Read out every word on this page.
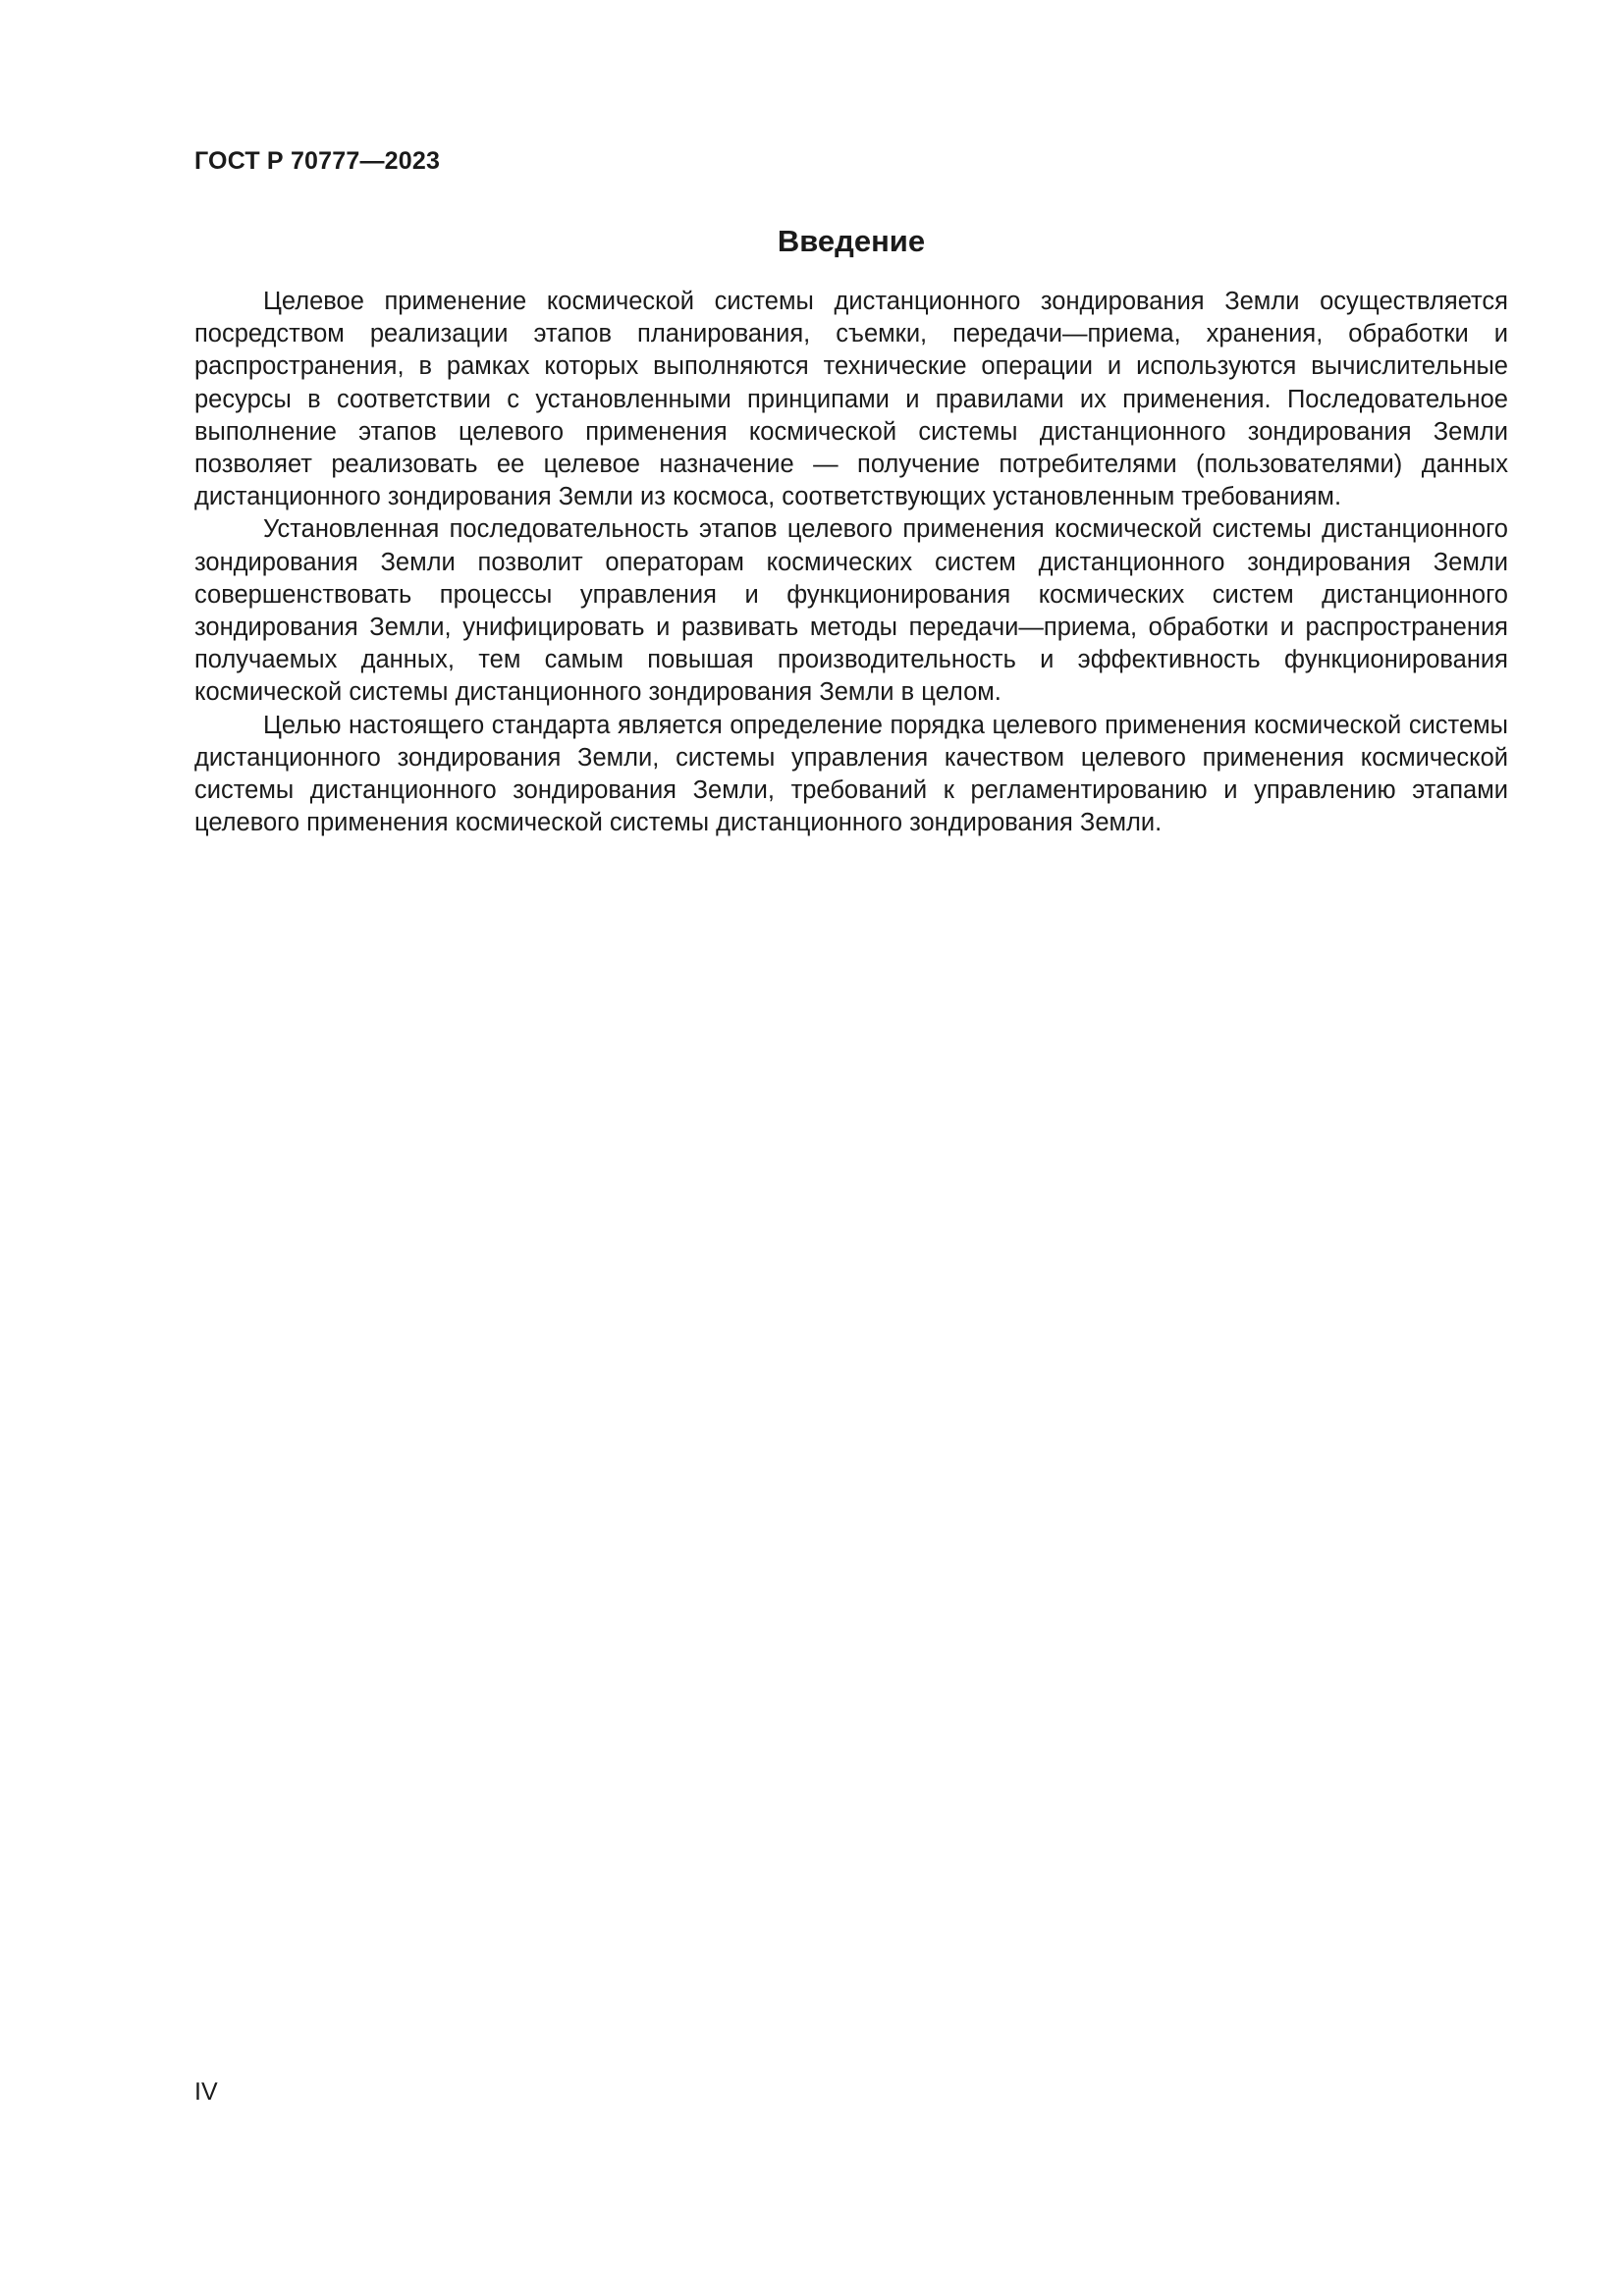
ГОСТ Р 70777—2023
Введение

Целевое применение космической системы дистанционного зондирования Земли осуществляется посредством реализации этапов планирования, съемки, передачи—приема, хранения, обработки и распространения, в рамках которых выполняются технические операции и используются вычислительные ресурсы в соответствии с установленными принципами и правилами их применения. Последовательное выполнение этапов целевого применения космической системы дистанционного зондирования Земли позволяет реализовать ее целевое назначение — получение потребителями (пользователями) данных дистанционного зондирования Земли из космоса, соответствующих установленным требованиям.

Установленная последовательность этапов целевого применения космической системы дистанционного зондирования Земли позволит операторам космических систем дистанционного зондирования Земли совершенствовать процессы управления и функционирования космических систем дистанционного зондирования Земли, унифицировать и развивать методы передачи—приема, обработки и распространения получаемых данных, тем самым повышая производительность и эффективность функционирования космической системы дистанционного зондирования Земли в целом.

Целью настоящего стандарта является определение порядка целевого применения космической системы дистанционного зондирования Земли, системы управления качеством целевого применения космической системы дистанционного зондирования Земли, требований к регламентированию и управлению этапами целевого применения космической системы дистанционного зондирования Земли.

IV
